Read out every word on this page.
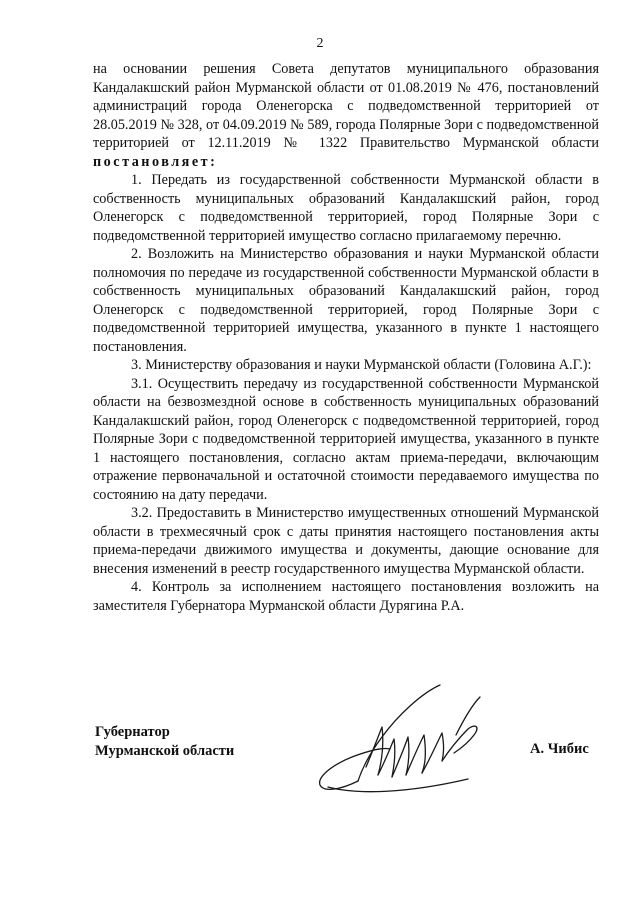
2

на основании решения Совета депутатов муниципального образования Кандалакшский район Мурманской области от 01.08.2019 № 476, постановлений администраций города Оленегорска с подведомственной территорией от 28.05.2019 № 328, от 04.09.2019 № 589, города Полярные Зори с подведомственной территорией от 12.11.2019 № 1322 Правительство Мурманской области постановляет:

1. Передать из государственной собственности Мурманской области в собственность муниципальных образований Кандалакшский район, город Оленегорск с подведомственной территорией, город Полярные Зори с подведомственной территорией имущество согласно прилагаемому перечню.

2. Возложить на Министерство образования и науки Мурманской области полномочия по передаче из государственной собственности Мурманской области в собственность муниципальных образований Кандалакшский район, город Оленегорск с подведомственной территорией, город Полярные Зори с подведомственной территорией имущества, указанного в пункте 1 настоящего постановления.

3. Министерству образования и науки Мурманской области (Головина А.Г.):

3.1. Осуществить передачу из государственной собственности Мурманской области на безвозмездной основе в собственность муниципальных образований Кандалакшский район, город Оленегорск с подведомственной территорией, город Полярные Зори с подведомственной территорией имущества, указанного в пункте 1 настоящего постановления, согласно актам приема-передачи, включающим отражение первоначальной и остаточной стоимости передаваемого имущества по состоянию на дату передачи.

3.2. Предоставить в Министерство имущественных отношений Мурманской области в трехмесячный срок с даты принятия настоящего постановления акты приема-передачи движимого имущества и документы, дающие основание для внесения изменений в реестр государственного имущества Мурманской области.

4. Контроль за исполнением настоящего постановления возложить на заместителя Губернатора Мурманской области Дурягина Р.А.

Губернатор
Мурманской области	А. Чибис
